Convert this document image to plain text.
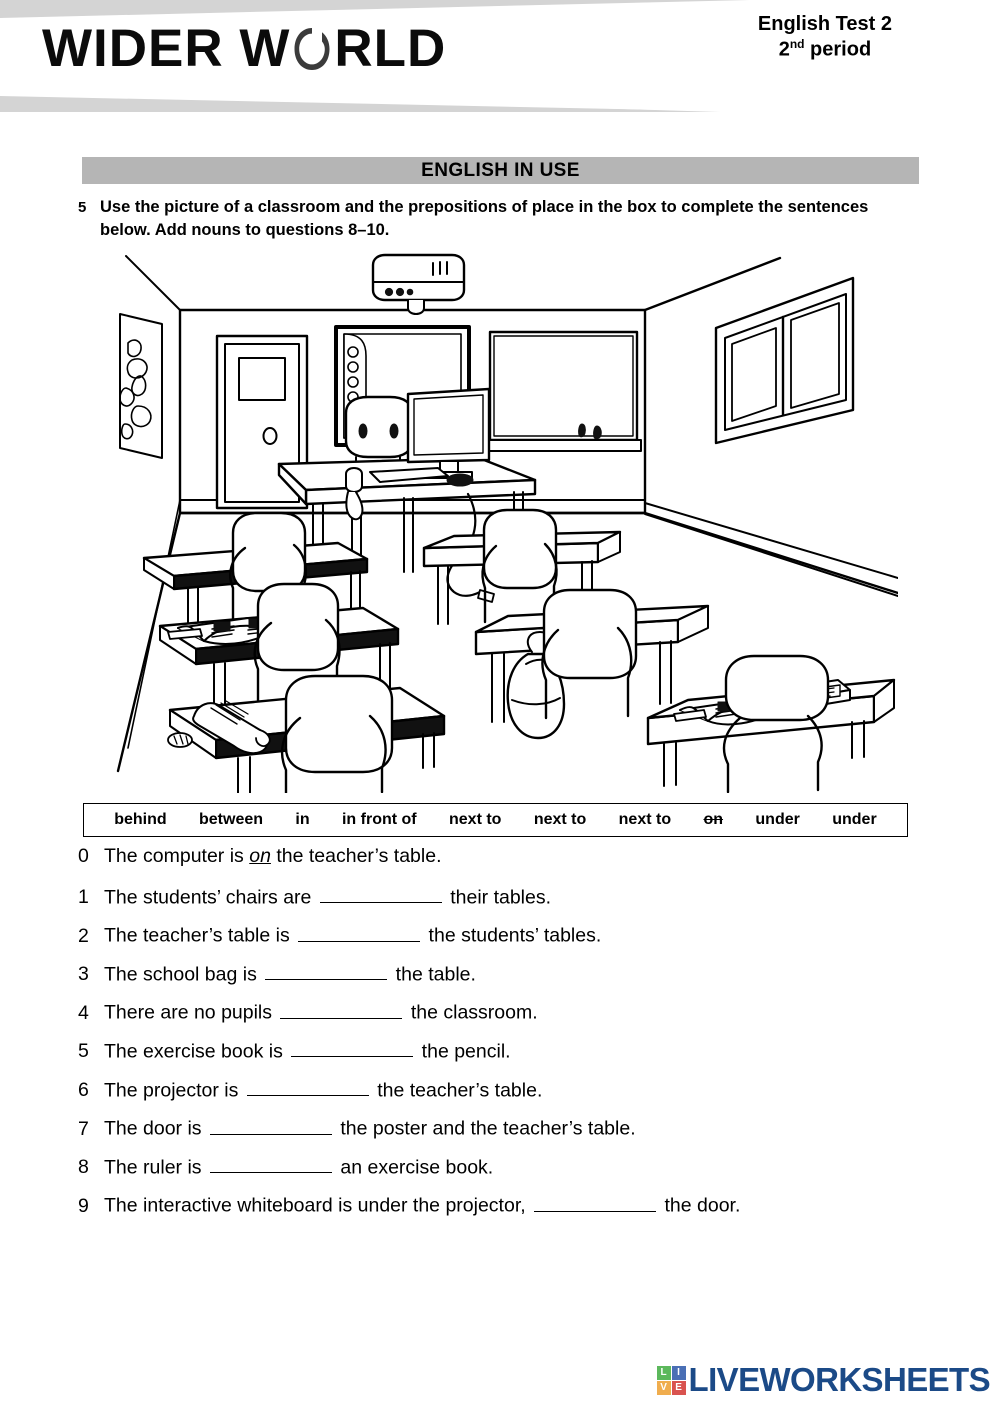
WIDER W RLD	English Test 2
2nd period
ENGLISH IN USE
5 Use the picture of a classroom and the prepositions of place in the box to complete the sentences below. Add nouns to questions 8–10.
behind between in in front of next to next to next to on under under
0 The computer is on the teacher’s table.
1 The students’ chairs are	their tables.
2 The teacher’s table is	the students’ tables.
3 The school bag is	the table.
4 There are no pupils	the classroom.
5 The exercise book is	the pencil.
6 The projector is	the teacher’s table.
7 The door is	the poster and the teacher’s table.
8 The ruler is	an exercise book.
9 The interactive whiteboard is under the projector,	the door.
L	I
V E LIVEWORKSHEETS
